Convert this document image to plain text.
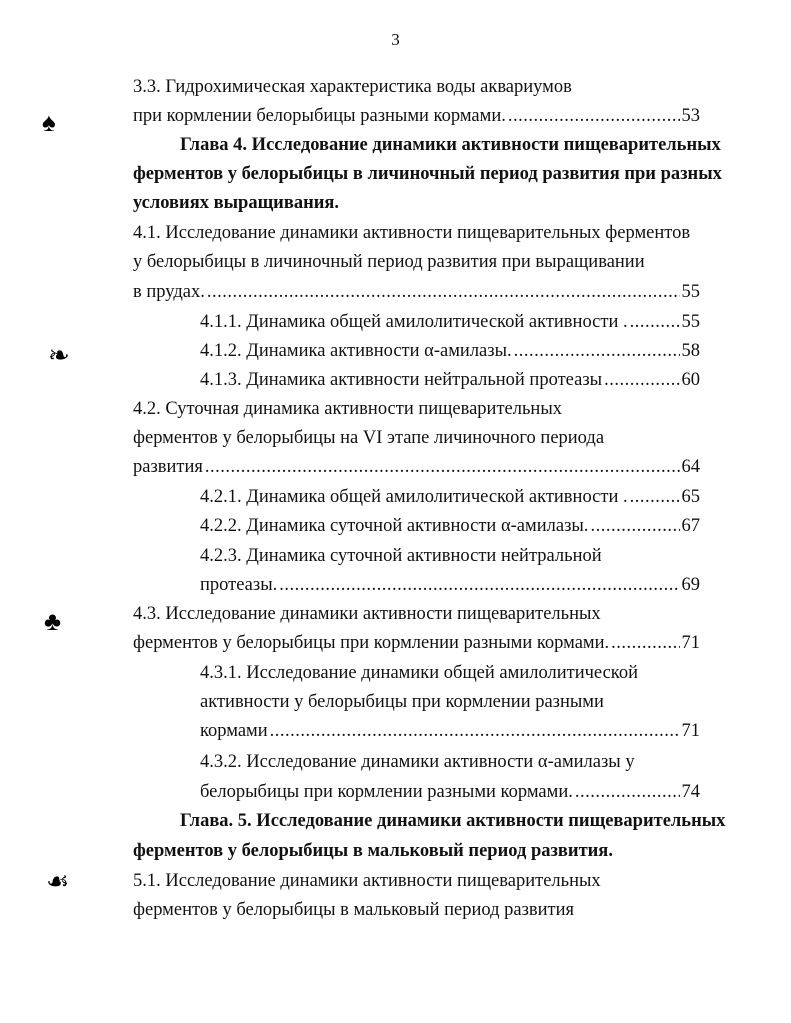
3
♠
❧
♣
☙
3.3. Гидрохимическая характеристика воды аквариумов
при кормлении белорыбицы разными кормами. .....	53
Глава 4. Исследование динамики активности пищеварительных
ферментов у белорыбицы в личиночный период развития при разных
условиях выращивания.
4.1. Исследование динамики активности пищеварительных ферментов
у белорыбицы в личиночный период развития при выращивании
в прудах. .....	55
4.1.1. Динамика общей амилолитической активности . .....	55
4.1.2. Динамика активности α-амилазы. .....	58
4.1.3. Динамика активности нейтральной протеазы .....	60
4.2. Суточная динамика активности пищеварительных
ферментов у белорыбицы на VI этапе личиночного периода
развития .....	64
4.2.1. Динамика общей амилолитической активности . .....	65
4.2.2. Динамика суточной активности α-амилазы. .....	67
4.2.3. Динамика суточной активности нейтральной
протеазы. .....	69
4.3. Исследование динамики активности пищеварительных
ферментов у белорыбицы при кормлении разными кормами. .....	71
4.3.1. Исследование динамики общей амилолитической
активности у белорыбицы при кормлении разными
кормами .....	71
4.3.2. Исследование динамики активности α-амилазы у
белорыбицы при кормлении разными кормами. .....	74
Глава. 5. Исследование динамики активности пищеварительных
ферментов у белорыбицы в мальковый период развития.
5.1. Исследование динамики активности пищеварительных
ферментов у белорыбицы в мальковый период развития
